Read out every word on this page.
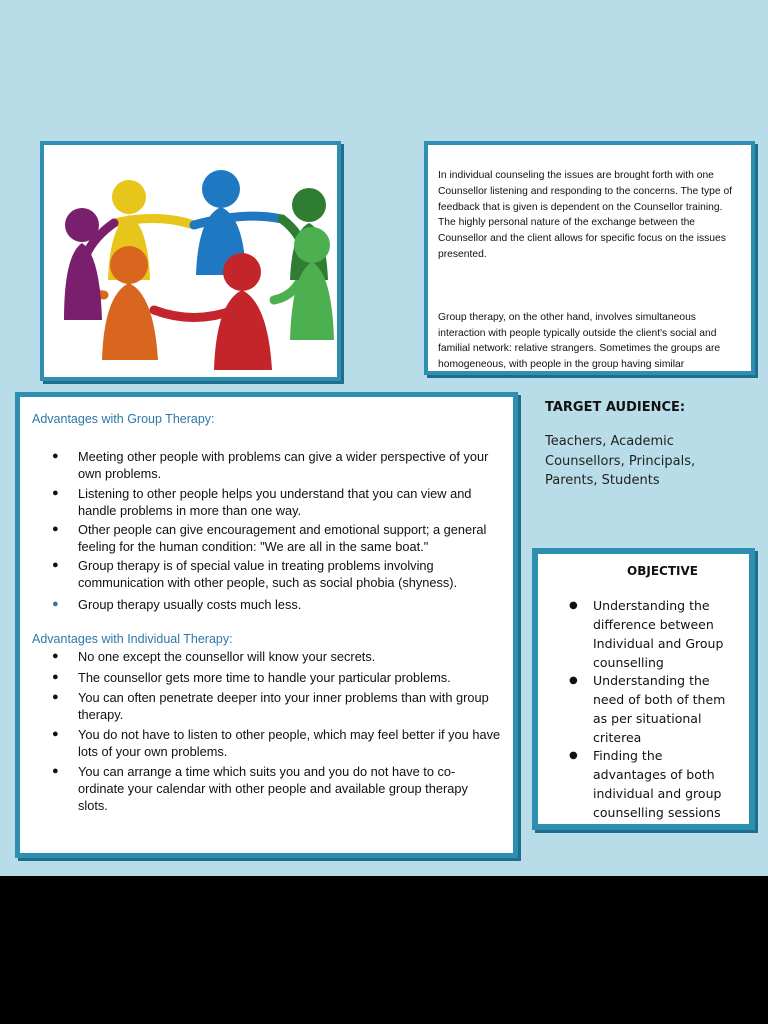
In individual counseling the issues are brought forth with one Counsellor listening and responding to the concerns. The type of feedback that is given is dependent on the Counsellor training. The highly personal nature of the exchange between the Counsellor and the client allows for specific focus on the issues presented.

Group therapy, on the other hand, involves simultaneous interaction with people typically outside the client's social and familial network: relative strangers. Sometimes the groups are homogeneous, with people in the group having similar

Advantages with Group Therapy:

● Meeting other people with problems can give a wider perspective of your own problems.
● Listening to other people helps you understand that you can view and handle problems in more than one way.
● Other people can give encouragement and emotional support; a general feeling for the human condition: "We are all in the same boat."
● Group therapy is of special value in treating problems involving communication with other people, such as social phobia (shyness).
● Group therapy usually costs much less.

Advantages with Individual Therapy:

● No one except the counsellor will know your secrets.
● The counsellor gets more time to handle your particular problems.
● You can often penetrate deeper into your inner problems than with group therapy.
● You do not have to listen to other people, which may feel better if you have lots of your own problems.
● You can arrange a time which suits you and you do not have to co-ordinate your calendar with other people and available group therapy slots.

TARGET AUDIENCE:

Teachers, Academic Counsellors, Principals, Parents, Students

OBJECTIVE

● Understanding the difference between Individual and Group counselling
● Understanding the need of both of them as per situational criterea
● Finding the advantages of both individual and group counselling sessions
